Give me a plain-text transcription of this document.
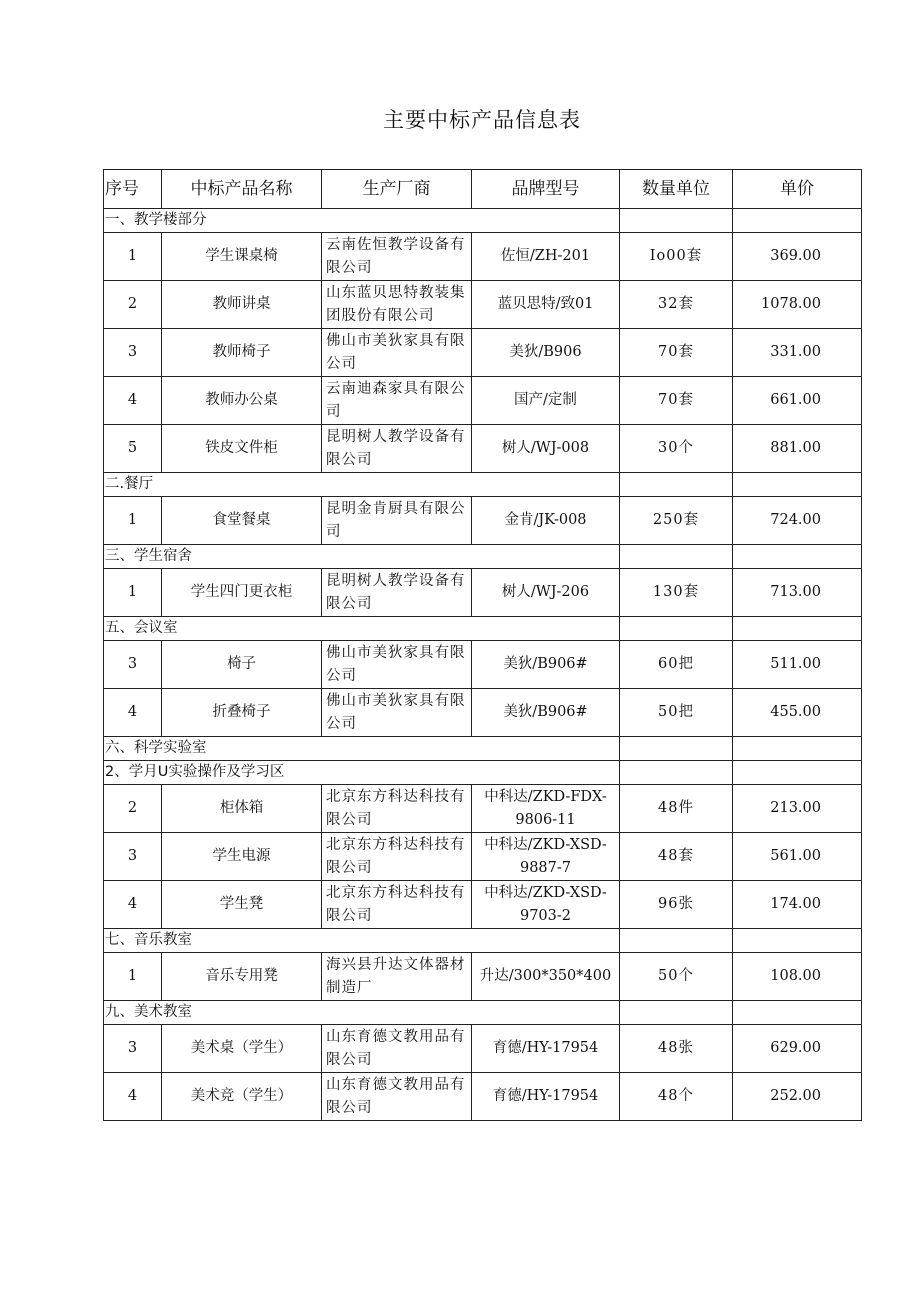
主要中标产品信息表
序号	中标产品名称	生产厂商	品牌型号	数量单位	单价
一、教学楼部分					
1	学生课桌椅	云南佐恒教学设备有限公司	佐恒/ZH-201	Io00套	369.00
2	教师讲桌	山东蓝贝思特教装集团股份有限公司	蓝贝思特/致01	32套	1078.00
3	教师椅子	佛山市美狄家具有限公司	美狄/B906	70套	331.00
4	教师办公桌	云南迪森家具有限公司	国产/定制	70套	661.00
5	铁皮文件柜	昆明树人教学设备有限公司	树人/WJ-008	30个	881.00
二.餐厅					
1	食堂餐桌	昆明金肯厨具有限公司	金肯/JK-008	250套	724.00
三、学生宿舍					
1	学生四门更衣柜	昆明树人教学设备有限公司	树人/WJ-206	130套	713.00
五、会议室					
3	椅子	佛山市美狄家具有限公司	美狄/B906#	60把	511.00
4	折叠椅子	佛山市美狄家具有限公司	美狄/B906#	50把	455.00
六、科学实验室					
2、学月U实验操作及学习区					
2	柜体箱	北京东方科达科技有限公司	中科达/ZKD-FDX-9806-11	48件	213.00
3	学生电源	北京东方科达科技有限公司	中科达/ZKD-XSD-9887-7	48套	561.00
4	学生凳	北京东方科达科技有限公司	中科达/ZKD-XSD-9703-2	96张	174.00
七、音乐教室					
1	音乐专用凳	海兴县升达文体器材制造厂	升达/300*350*400	50个	108.00
九、美术教室					
3	美术桌（学生）	山东育德文教用品有限公司	育德/HY-17954	48张	629.00
4	美术竞（学生）	山东育德文教用品有限公司	育德/HY-17954	48个	252.00
